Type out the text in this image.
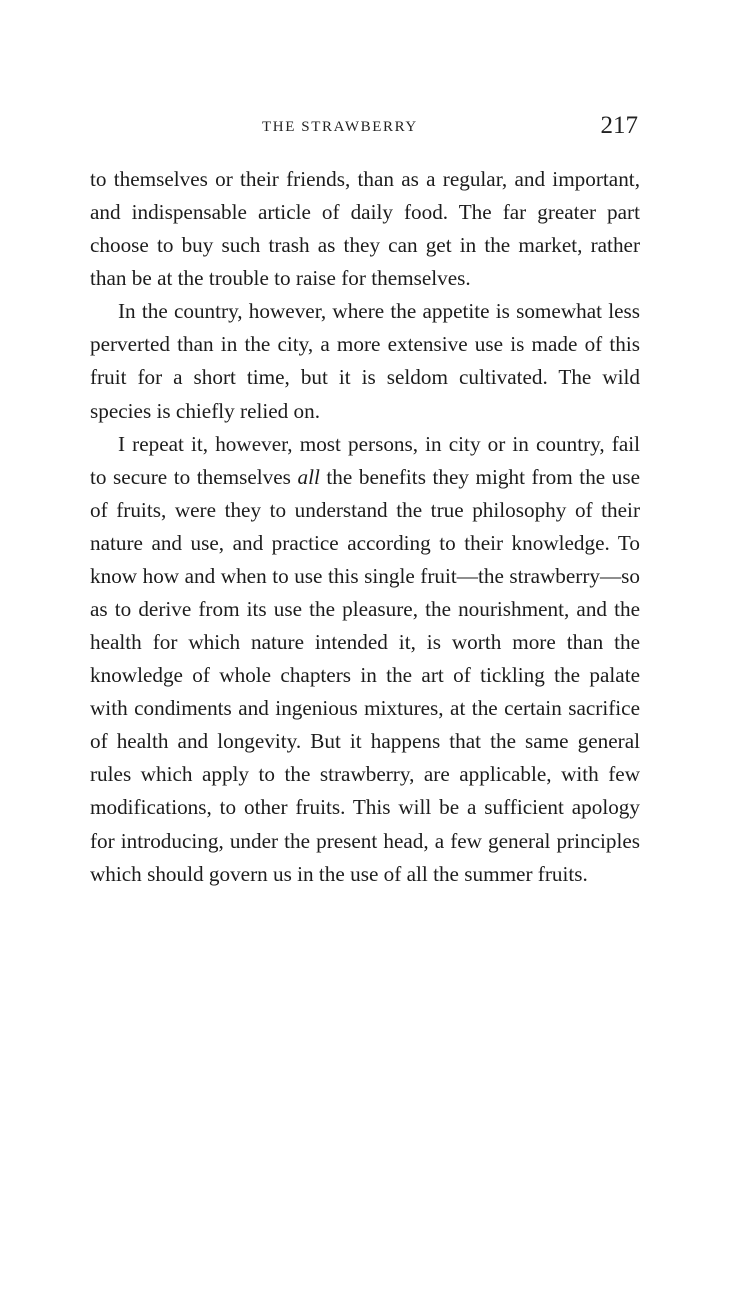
THE STRAWBERRY	217

to themselves or their friends, than as a regular, and important, and indispensable article of daily food. The far greater part choose to buy such trash as they can get in the market, rather than be at the trouble to raise for themselves.

In the country, however, where the appetite is somewhat less perverted than in the city, a more extensive use is made of this fruit for a short time, but it is seldom cultivated. The wild species is chiefly relied on.

I repeat it, however, most persons, in city or in country, fail to secure to themselves all the benefits they might from the use of fruits, were they to understand the true philosophy of their nature and use, and practice according to their knowledge. To know how and when to use this single fruit—the strawberry—so as to derive from its use the pleasure, the nourishment, and the health for which nature intended it, is worth more than the knowledge of whole chapters in the art of tickling the palate with condiments and ingenious mixtures, at the certain sacrifice of health and longevity. But it happens that the same general rules which apply to the strawberry, are applicable, with few modifications, to other fruits. This will be a sufficient apology for introducing, under the present head, a few general principles which should govern us in the use of all the summer fruits.
